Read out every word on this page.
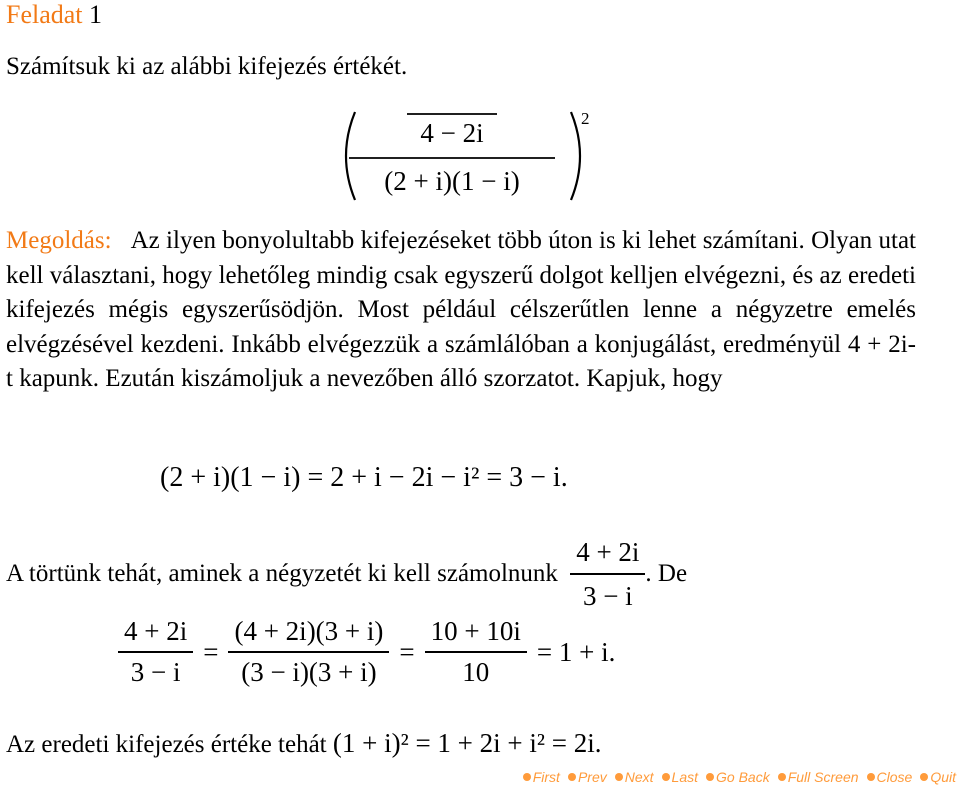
Feladat 1
Számítsuk ki az alábbi kifejezés értékét.
4 − 2i
(2 + i)(1 − i)
2

Megoldás: Az ilyen bonyolultabb kifejezéseket több úton is ki lehet számítani. Olyan utat kell választani, hogy lehetőleg mindig csak egyszerű dolgot kelljen elvégezni, és az eredeti kifejezés mégis egyszerűsödjön. Most például célszerűtlen lenne a négyzetre emelés elvégzésével kezdeni. Inkább elvégezzük a számlálóban a konjugálást, eredményül 4 + 2i-t kapunk. Ezután kiszámoljuk a nevezőben álló szorzatot. Kapjuk, hogy

(2 + i)(1 − i) = 2 + i − 2i − i² = 3 − i.
A törtünk tehát, aminek a négyzetét ki kell számolnunk $\frac{4 + 2i}{3 - i}$ . De
$\frac{4 + 2i}{3 - i} = \frac{(4 + 2i)(3 + i)}{(3 - i)(3 + i)} = \frac{10 + 10i}{10} = 1 + i$.
Az eredeti kifejezés értéke tehát (1 + i)² = 1 + 2i + i² = 2i.
First Prev Next Last Go Back Full Screen Close Quit
